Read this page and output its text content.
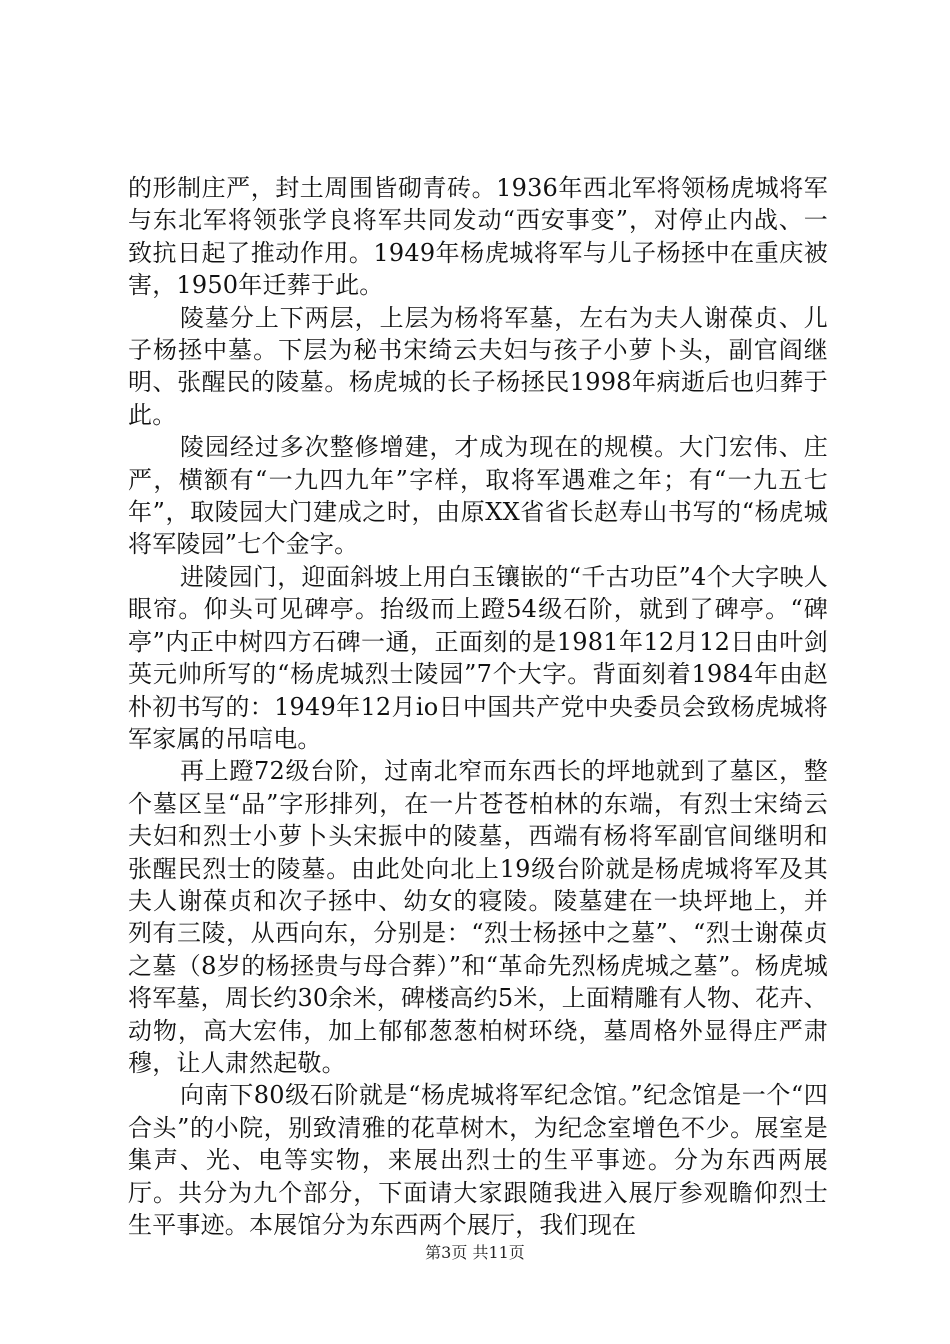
的形制庄严，封土周围皆砌青砖。1936年西北军将领杨虎城将军与东北军将领张学良将军共同发动“西安事变”，对停止内战、一致抗日起了推动作用。1949年杨虎城将军与儿子杨拯中在重庆被害，1950年迁葬于此。

陵墓分上下两层，上层为杨将军墓，左右为夫人谢葆贞、儿子杨拯中墓。下层为秘书宋绮云夫妇与孩子小萝卜头，副官阎继明、张醒民的陵墓。杨虎城的长子杨拯民1998年病逝后也归葬于此。

陵园经过多次整修增建，才成为现在的规模。大门宏伟、庄严，横额有“一九四九年”字样，取将军遇难之年；有“一九五七年”，取陵园大门建成之时，由原XX省省长赵寿山书写的“杨虎城将军陵园”七个金字。

进陵园门，迎面斜坡上用白玉镶嵌的“千古功臣”4个大字映人眼帘。仰头可见碑亭。抬级而上蹬54级石阶，就到了碑亭。“碑亭”内正中树四方石碑一通，正面刻的是1981年12月12日由叶剑英元帅所写的“杨虎城烈士陵园”7个大字。背面刻着1984年由赵朴初书写的：1949年12月io日中国共产党中央委员会致杨虎城将军家属的吊唁电。

再上蹬72级台阶，过南北窄而东西长的坪地就到了墓区，整个墓区呈“品”字形排列，在一片苍苍柏林的东端，有烈士宋绮云夫妇和烈士小萝卜头宋振中的陵墓，西端有杨将军副官间继明和张醒民烈士的陵墓。由此处向北上19级台阶就是杨虎城将军及其夫人谢葆贞和次子拯中、幼女的寝陵。陵墓建在一块坪地上，并列有三陵，从西向东，分别是：“烈士杨拯中之墓”、“烈士谢葆贞之墓（8岁的杨拯贵与母合葬）”和“革命先烈杨虎城之墓”。杨虎城将军墓，周长约30余米，碑楼高约5米，上面精雕有人物、花卉、动物，高大宏伟，加上郁郁葱葱柏树环绕，墓周格外显得庄严肃穆，让人肃然起敬。

向南下80级石阶就是“杨虎城将军纪念馆。”纪念馆是一个“四合头”的小院，别致清雅的花草树木，为纪念室增色不少。展室是集声、光、电等实物，来展出烈士的生平事迹。分为东西两展厅。共分为九个部分，下面请大家跟随我进入展厅参观瞻仰烈士生平事迹。本展馆分为东西两个展厅，我们现在

第3页 共11页
